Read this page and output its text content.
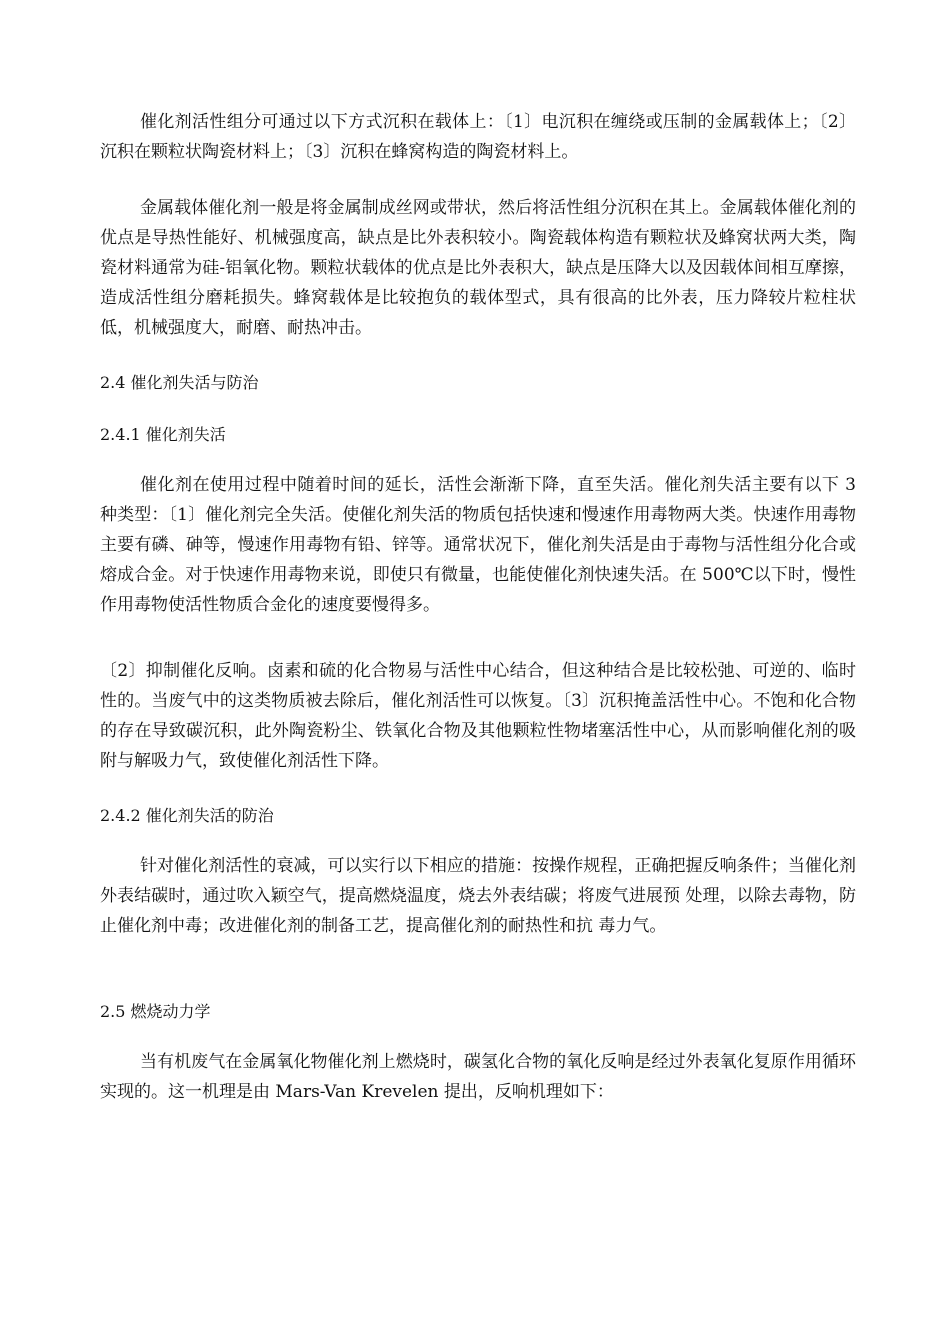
催化剂活性组分可通过以下方式沉积在载体上：〔1〕电沉积在缠绕或压制的金属载体上；〔2〕沉积在颗粒状陶瓷材料上；〔3〕沉积在蜂窝构造的陶瓷材料上。

金属载体催化剂一般是将金属制成丝网或带状，然后将活性组分沉积在其上。金属载体催化剂的优点是导热性能好、机械强度高，缺点是比外表积较小。陶瓷载体构造有颗粒状及蜂窝状两大类，陶瓷材料通常为硅-铝氧化物。颗粒状载体的优点是比外表积大，缺点是压降大以及因载体间相互摩擦，造成活性组分磨耗损失。蜂窝载体是比较抱负的载体型式，具有很高的比外表，压力降较片粒柱状低，机械强度大，耐磨、耐热冲击。

2.4 催化剂失活与防治
2.4.1 催化剂失活

催化剂在使用过程中随着时间的延长，活性会渐渐下降，直至失活。催化剂失活主要有以下 3 种类型：〔1〕催化剂完全失活。使催化剂失活的物质包括快速和慢速作用毒物两大类。快速作用毒物主要有磷、砷等，慢速作用毒物有铅、锌等。通常状况下，催化剂失活是由于毒物与活性组分化合或熔成合金。对于快速作用毒物来说，即使只有微量，也能使催化剂快速失活。在 500℃以下时，慢性作用毒物使活性物质合金化的速度要慢得多。

〔2〕抑制催化反响。卤素和硫的化合物易与活性中心结合，但这种结合是比较松弛、可逆的、临时性的。当废气中的这类物质被去除后，催化剂活性可以恢复。〔3〕沉积掩盖活性中心。不饱和化合物的存在导致碳沉积，此外陶瓷粉尘、铁氧化合物及其他颗粒性物堵塞活性中心，从而影响催化剂的吸附与解吸力气，致使催化剂活性下降。

2.4.2 催化剂失活的防治

针对催化剂活性的衰减，可以实行以下相应的措施：按操作规程，正确把握反响条件；当催化剂外表结碳时，通过吹入颖空气，提高燃烧温度，烧去外表结碳；将废气进展预 处理，以除去毒物，防止催化剂中毒；改进催化剂的制备工艺，提高催化剂的耐热性和抗 毒力气。

2.5 燃烧动力学

当有机废气在金属氧化物催化剂上燃烧时，碳氢化合物的氧化反响是经过外表氧化复原作用循环实现的。这一机理是由 Mars-Van Krevelen 提出，反响机理如下：
